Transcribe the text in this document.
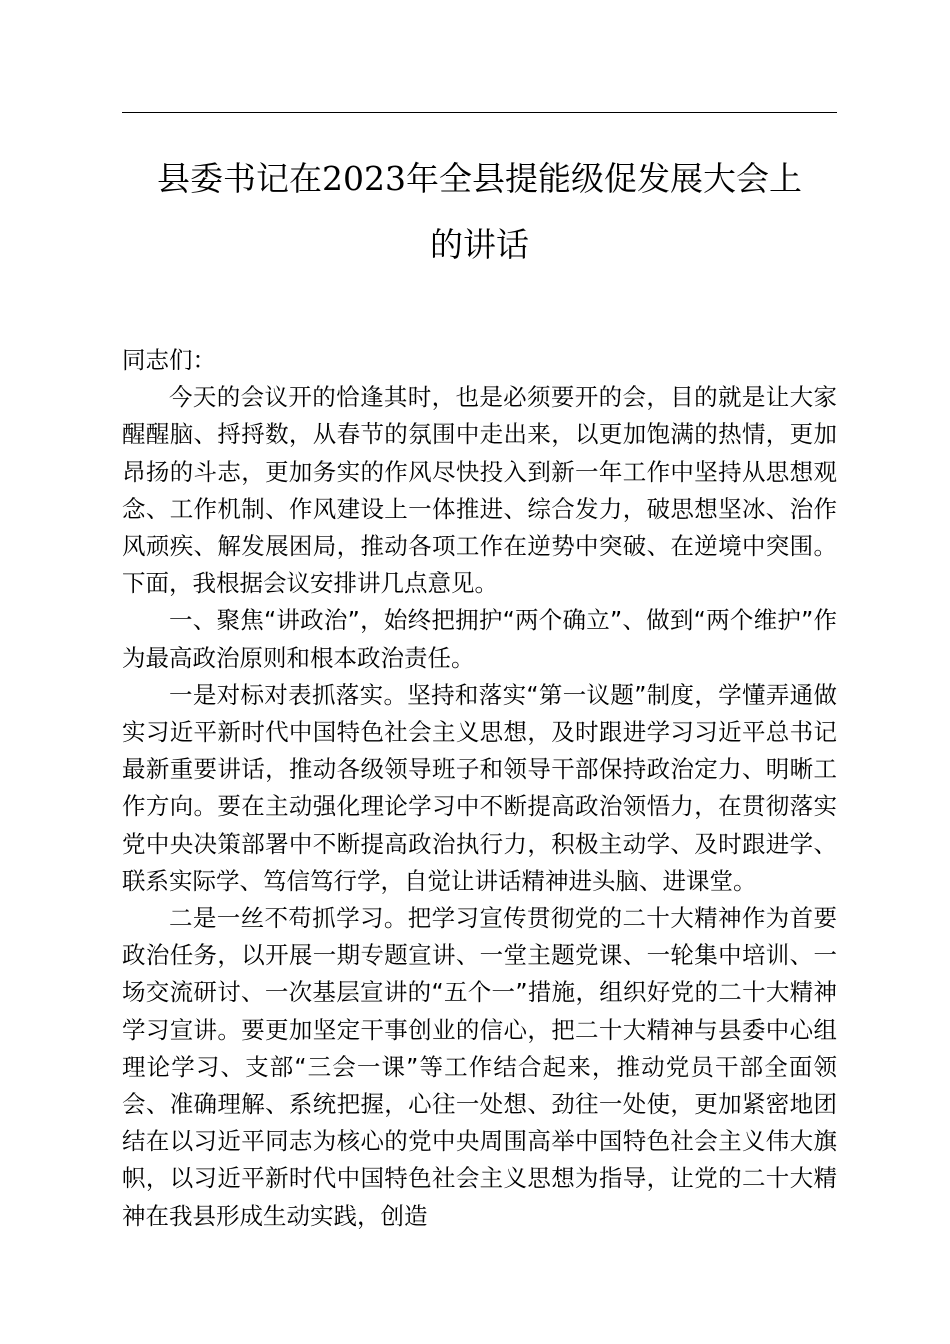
县委书记在2023年全县提能级促发展大会上
的讲话

同志们：

今天的会议开的恰逢其时，也是必须要开的会，目的就是让大家醒醒脑、捋捋数，从春节的氛围中走出来，以更加饱满的热情，更加昂扬的斗志，更加务实的作风尽快投入到新一年工作中坚持从思想观念、工作机制、作风建设上一体推进、综合发力，破思想坚冰、治作风顽疾、解发展困局，推动各项工作在逆势中突破、在逆境中突围。下面，我根据会议安排讲几点意见。

一、聚焦“讲政治”，始终把拥护“两个确立”、做到“两个维护”作为最高政治原则和根本政治责任。

一是对标对表抓落实。坚持和落实“第一议题”制度，学懂弄通做实习近平新时代中国特色社会主义思想，及时跟进学习习近平总书记最新重要讲话，推动各级领导班子和领导干部保持政治定力、明晰工作方向。要在主动强化理论学习中不断提高政治领悟力，在贯彻落实党中央决策部署中不断提高政治执行力，积极主动学、及时跟进学、联系实际学、笃信笃行学，自觉让讲话精神进头脑、进课堂。

二是一丝不苟抓学习。把学习宣传贯彻党的二十大精神作为首要政治任务，以开展一期专题宣讲、一堂主题党课、一轮集中培训、一场交流研讨、一次基层宣讲的“五个一”措施，组织好党的二十大精神学习宣讲。要更加坚定干事创业的信心，把二十大精神与县委中心组理论学习、支部“三会一课”等工作结合起来，推动党员干部全面领会、准确理解、系统把握，心往一处想、劲往一处使，更加紧密地团结在以习近平同志为核心的党中央周围高举中国特色社会主义伟大旗帜，以习近平新时代中国特色社会主义思想为指导，让党的二十大精神在我县形成生动实践，创造
